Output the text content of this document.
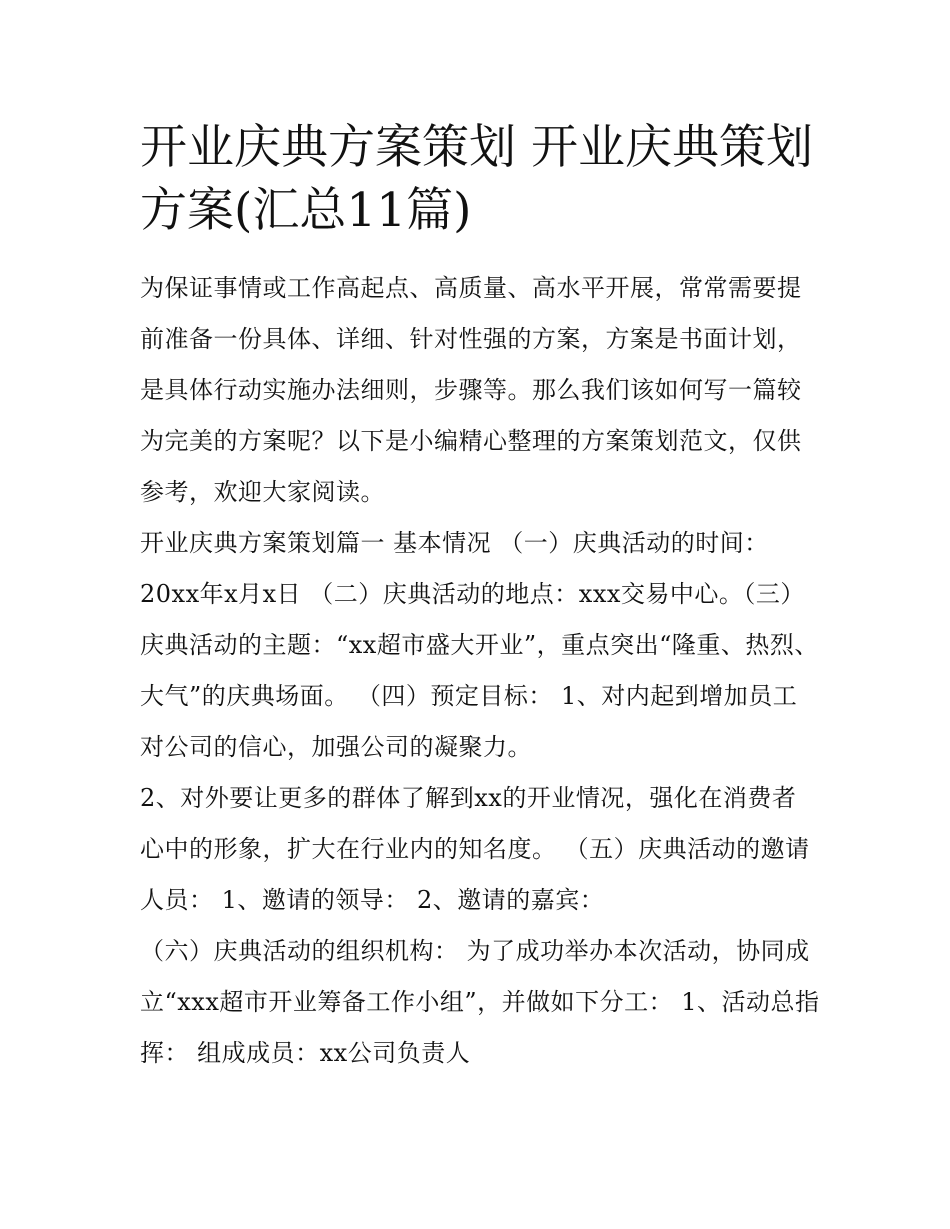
开业庆典方案策划 开业庆典策划方案(汇总11篇)

为保证事情或工作高起点、高质量、高水平开展，常常需要提前准备一份具体、详细、针对性强的方案，方案是书面计划，是具体行动实施办法细则，步骤等。那么我们该如何写一篇较为完美的方案呢？以下是小编精心整理的方案策划范文，仅供参考，欢迎大家阅读。

开业庆典方案策划篇一 基本情况 （一）庆典活动的时间：20xx年x月x日 （二）庆典活动的地点：xxx交易中心。（三）庆典活动的主题：“xx超市盛大开业”，重点突出“隆重、热烈、大气”的庆典场面。 （四）预定目标： 1、对内起到增加员工对公司的信心，加强公司的凝聚力。

2、对外要让更多的群体了解到xx的开业情况，强化在消费者心中的形象，扩大在行业内的知名度。 （五）庆典活动的邀请人员： 1、邀请的领导： 2、邀请的嘉宾：

（六）庆典活动的组织机构： 为了成功举办本次活动，协同成立“xxx超市开业筹备工作小组”，并做如下分工： 1、活动总指挥： 组成成员：xx公司负责人
